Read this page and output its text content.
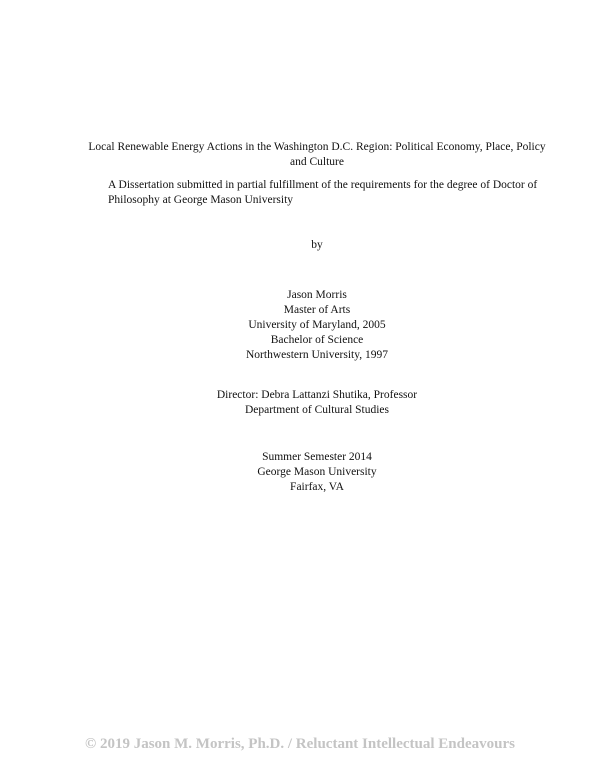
Local Renewable Energy Actions in the Washington D.C. Region: Political Economy, Place, Policy and Culture

A Dissertation submitted in partial fulfillment of the requirements for the degree of Doctor of Philosophy at George Mason University

by
Jason Morris
Master of Arts
University of Maryland, 2005
Bachelor of Science
Northwestern University, 1997
Director: Debra Lattanzi Shutika, Professor
Department of Cultural Studies
Summer Semester 2014
George Mason University
Fairfax, VA
© 2019 Jason M. Morris, Ph.D. / Reluctant Intellectual Endeavours
